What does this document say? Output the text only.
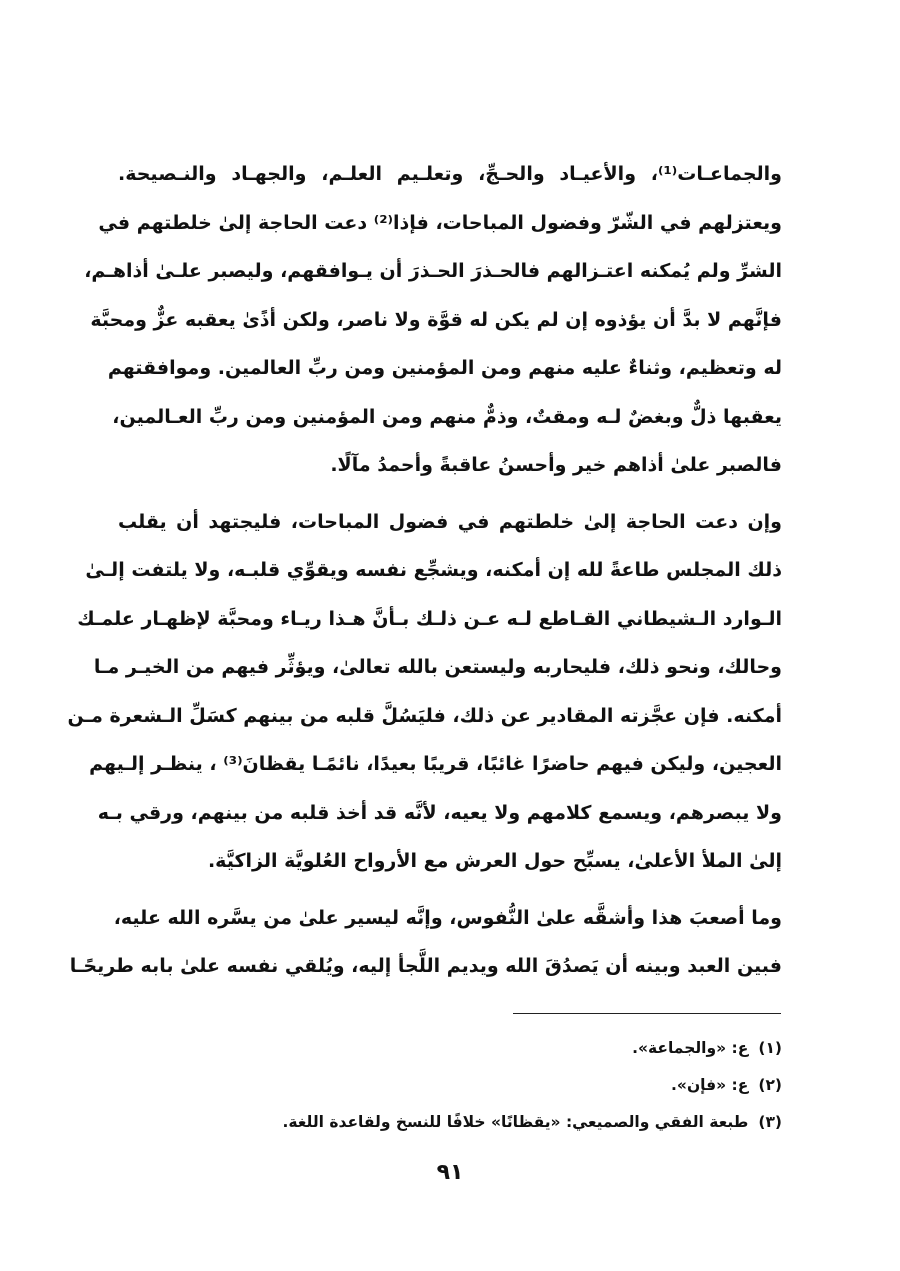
والجماعـات⁽¹⁾، والأعيـاد والحـجِّ، وتعلـيم العلـم، والجهـاد والنـصيحة.
ويعتزلهم في الشّرّ وفضول المباحات، فإذا⁽²⁾ دعت الحاجة إلىٰ خلطتهم في
الشرِّ ولم يُمكنه اعتـزالهم فالحـذرَ الحـذرَ أن يـوافقهم، وليصبر علـىٰ أذاهـم،
فإنَّهم لا بدَّ أن يؤذوه إن لم يكن له قوَّة ولا ناصر، ولكن أذًىٰ يعقبه عزٌّ ومحبَّة
له وتعظيم، وثناءٌ عليه منهم ومن المؤمنين ومن ربِّ العالمين. وموافقتهم
يعقبها ذلٌّ وبغضٌ لـه ومقتٌ، وذمٌّ منهم ومن المؤمنين ومن ربِّ العـالمين،
فالصبر علىٰ أذاهم خير وأحسنُ عاقبةً وأحمدُ مآلًا.
وإن دعت الحاجة إلىٰ خلطتهم في فضول المباحات، فليجتهد أن يقلب
ذلك المجلس طاعةً لله إن أمكنه، ويشجِّع نفسه ويقوِّي قلبـه، ولا يلتفت إلـىٰ
الـوارد الـشيطاني القـاطع لـه عـن ذلـك بـأنَّ هـذا ريـاء ومحبَّة لإظهـار علمـك
وحالك، ونحو ذلك، فليحاربه وليستعن بالله تعالىٰ، ويؤثِّر فيهم من الخيـر مـا
أمكنه. فإن عجَّزته المقادير عن ذلك، فليَسُلَّ قلبه من بينهم كسَلِّ الـشعرة مـن
العجين، وليكن فيهم حاضرًا غائبًا، قريبًا بعيدًا، نائمًـا يقظانَ⁽³⁾ ، ينظـر إلـيهم
ولا يبصرهم، ويسمع كلامهم ولا يعيه، لأنَّه قد أخذ قلبه من بينهم، ورقي بـه
إلىٰ الملأ الأعلىٰ، يسبِّح حول العرش مع الأرواح العُلويَّة الزاكيَّة.
وما أصعبَ هذا وأشقَّه علىٰ النُّفوس، وإنَّه ليسير علىٰ من يسَّره الله عليه،
فبين العبد وبينه أن يَصدُقَ الله ويديم اللَّجأ إليه، ويُلقي نفسه علىٰ بابه طريحًـا
(١)ع: «والجماعة».
(٢)ع: «فإن».
(٣)طبعة الفقي والصميعي: «يقظانًا» خلافًا للنسخ ولقاعدة اللغة.
٩١
